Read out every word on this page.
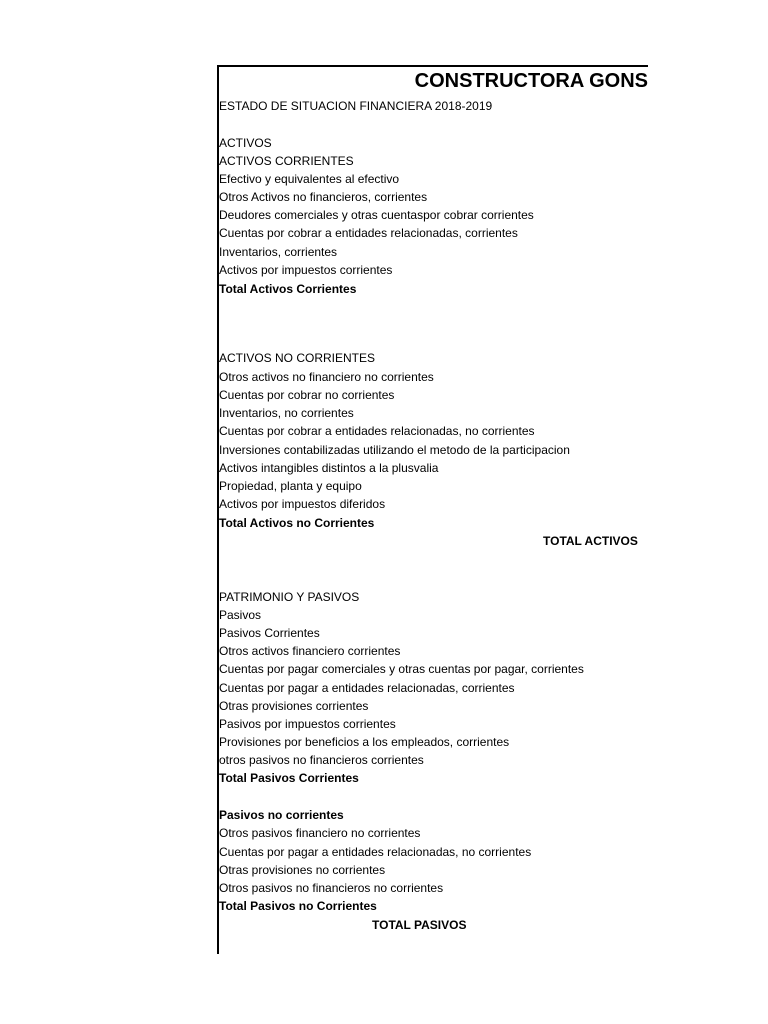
CONSTRUCTORA GONS
ESTADO DE SITUACION FINANCIERA 2018-2019
ACTIVOS
ACTIVOS CORRIENTES
Efectivo y equivalentes al efectivo
Otros Activos no financieros, corrientes
Deudores comerciales y otras cuentaspor cobrar corrientes
Cuentas por cobrar a entidades relacionadas, corrientes
Inventarios, corrientes
Activos por impuestos corrientes
Total Activos Corrientes
ACTIVOS NO CORRIENTES
Otros activos no financiero no corrientes
Cuentas por cobrar no corrientes
Inventarios, no corrientes
Cuentas por cobrar a entidades relacionadas, no corrientes
Inversiones contabilizadas utilizando el metodo de la participacion
Activos intangibles distintos a la plusvalia
Propiedad, planta y equipo
Activos por impuestos diferidos
Total Activos no Corrientes
TOTAL ACTIVOS
PATRIMONIO Y PASIVOS
Pasivos
Pasivos Corrientes
Otros activos financiero corrientes
Cuentas por pagar comerciales y otras cuentas por pagar, corrientes
Cuentas por pagar a entidades relacionadas, corrientes
Otras provisiones corrientes
Pasivos por impuestos corrientes
Provisiones por beneficios a los empleados, corrientes
otros pasivos no financieros corrientes
Total Pasivos Corrientes
Pasivos no corrientes
Otros pasivos financiero no corrientes
Cuentas por pagar a entidades relacionadas, no corrientes
Otras provisiones no corrientes
Otros pasivos no financieros no corrientes
Total Pasivos no Corrientes
TOTAL PASIVOS
